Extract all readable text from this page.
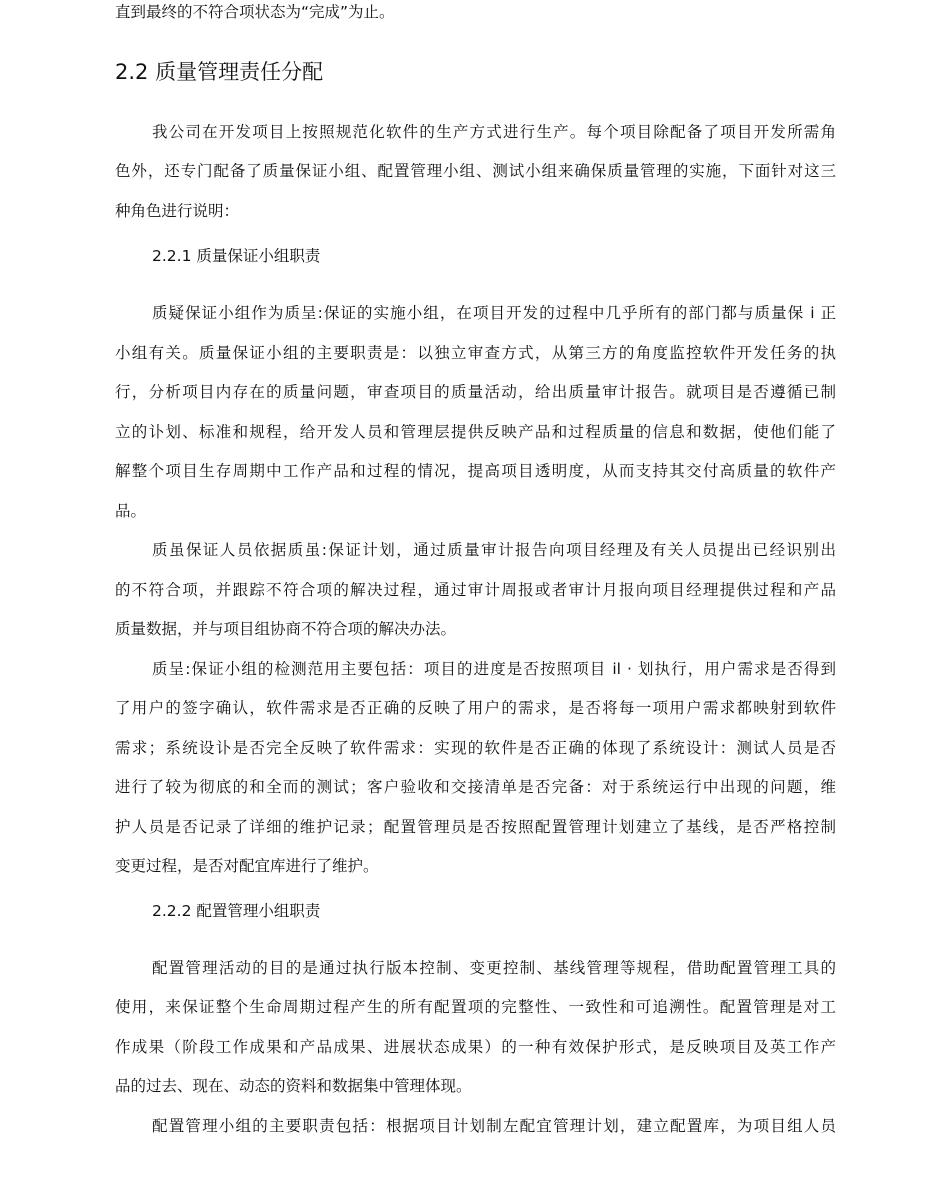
直到最终的不符合项状态为“完成”为止。
2.2 质量管理责任分配
我公司在开发项目上按照规范化软件的生产方式进行生产。每个项目除配备了项目开发所需角
色外，还专门配备了质量保证小组、配置管理小组、测试小组来确保质量管理的实施，下面针对这三
种角色进行说明：
2.2.1 质量保证小组职责
质疑保证小组作为质呈:保证的实施小组，在项目开发的过程中几乎所有的部门都与质量保 i 正
小组有关。质量保证小组的主要职责是：以独立审查方式，从第三方的角度监控软件开发任务的执
行，分析项目内存在的质量问题，审查项目的质量活动，给出质量审计报告。就项目是否遵循已制
立的讣划、标准和规程，给开发人员和管理层提供反映产品和过程质量的信息和数据，使他们能了
解整个项目生存周期中工作产品和过程的情况，提高项目透明度，从而支持其交付高质量的软件产
品。
质虽保证人员依据质虽:保证计划，通过质量审计报告向项目经理及有关人员提出已经识别出
的不符合项，并跟踪不符合项的解决过程，通过审计周报或者审计月报向项目经理提供过程和产品
质量数据，并与项目组协商不符合项的解决办法。
质呈:保证小组的检测范用主要包括：项目的进度是否按照项目 il · 划执行，用户需求是否得到
了用户的签字确认，软件需求是否正确的反映了用户的需求，是否将每一项用户需求都映射到软件
需求；系统设讣是否完全反映了软件需求：实现的软件是否正确的体现了系统设计：测试人员是否
进行了较为彻底的和全而的测试；客户验收和交接清单是否完备：对于系统运行中出现的问题，维
护人员是否记录了详细的维护记录；配置管理员是否按照配置管理计划建立了基线，是否严格控制
变更过程，是否对配宜库进行了维护。
2.2.2 配置管理小组职责
配置管理活动的目的是通过执行版本控制、变更控制、基线管理等规程，借助配置管理工具的
使用，来保证整个生命周期过程产生的所有配置项的完整性、一致性和可追溯性。配置管理是对工
作成果（阶段工作成果和产品成果、进展状态成果）的一种有效保护形式，是反映项目及英工作产
品的过去、现在、动态的资料和数据集中管理体现。
配置管理小组的主要职责包括：根据项目计划制左配宜管理计划，建立配置库，为项目组人员
